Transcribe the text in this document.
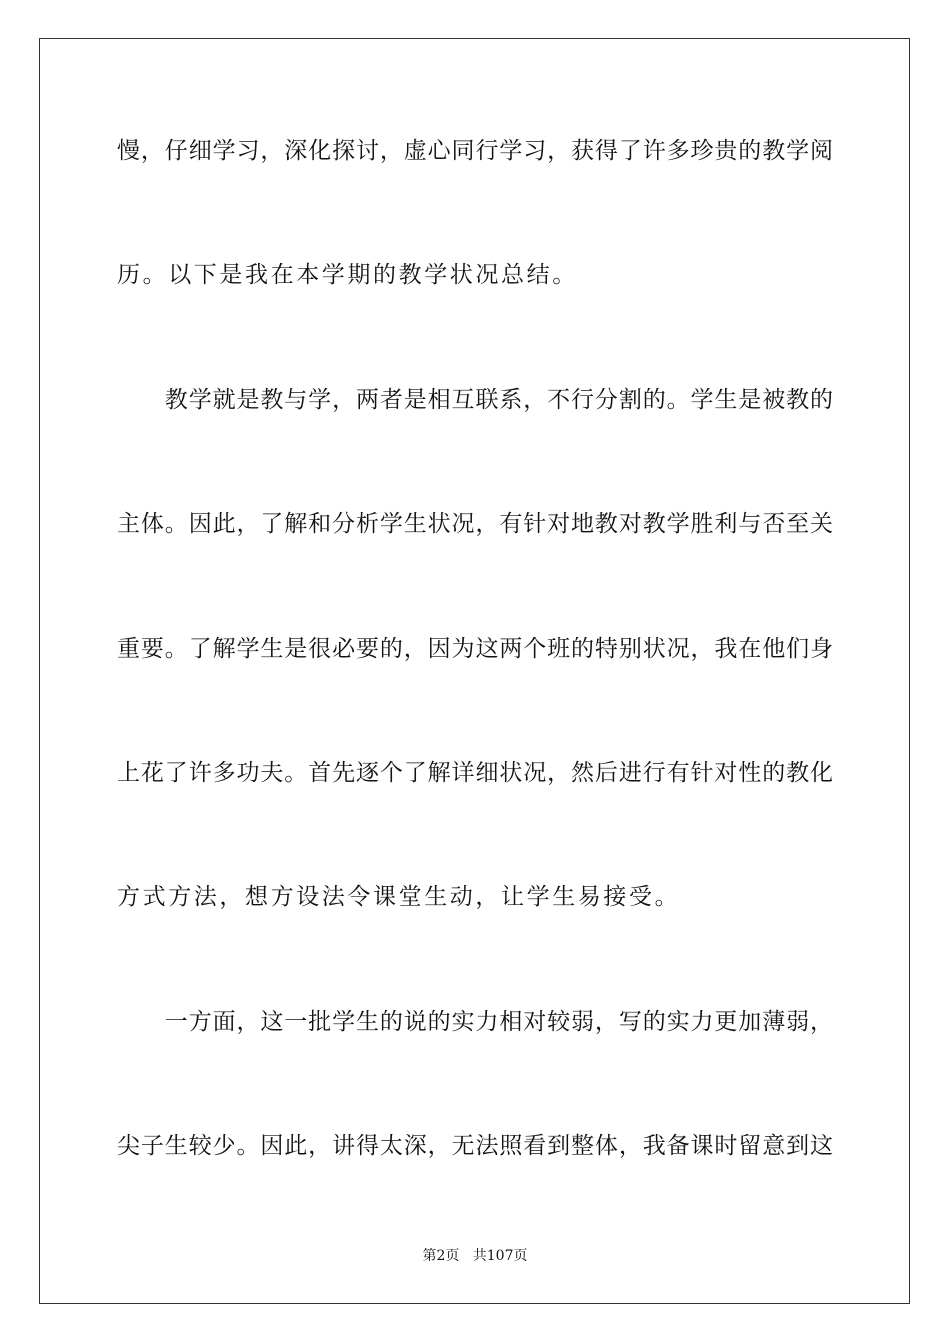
慢，仔细学习，深化探讨，虚心同行学习，获得了许多珍贵的教学阅
历。以下是我在本学期的教学状况总结。
　　教学就是教与学，两者是相互联系，不行分割的。学生是被教的
主体。因此，了解和分析学生状况，有针对地教对教学胜利与否至关
重要。了解学生是很必要的，因为这两个班的特别状况，我在他们身
上花了许多功夫。首先逐个了解详细状况，然后进行有针对性的教化
方式方法，想方设法令课堂生动，让学生易接受。
　　一方面，这一批学生的说的实力相对较弱，写的实力更加薄弱，
尖子生较少。因此，讲得太深，无法照看到整体，我备课时留意到这
第2页   共107页
